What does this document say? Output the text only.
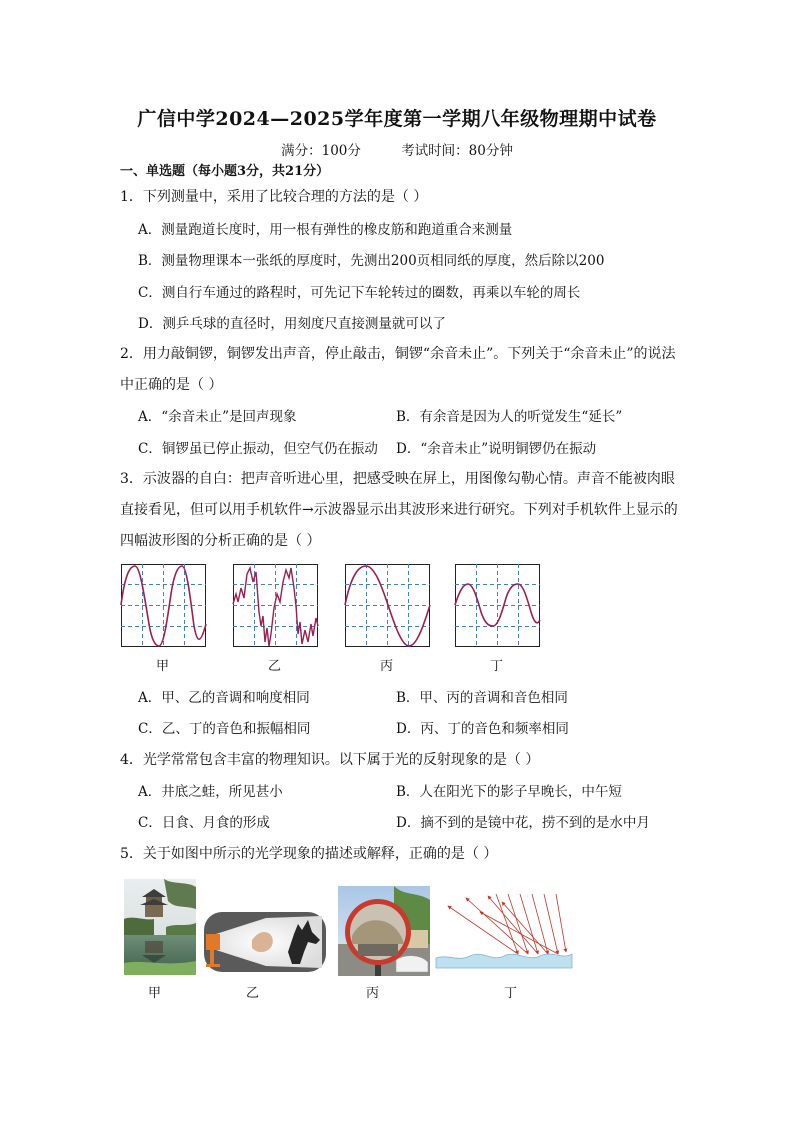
广信中学2024—2025学年度第一学期八年级物理期中试卷
满分：100分	考试时间：80分钟
一、单选题（每小题3分，共21分）
1．下列测量中，采用了比较合理的方法的是（ ）
A．测量跑道长度时，用一根有弹性的橡皮筋和跑道重合来测量
B．测量物理课本一张纸的厚度时，先测出200页相同纸的厚度，然后除以200
C．测自行车通过的路程时，可先记下车轮转过的圈数，再乘以车轮的周长
D．测乒乓球的直径时，用刻度尺直接测量就可以了
2．用力敲铜锣，铜锣发出声音，停止敲击，铜锣“余音未止”。下列关于“余音未止”的说法
中正确的是（ ）
A．“余音未止”是回声现象	B．有余音是因为人的听觉发生“延长”
C．铜锣虽已停止振动，但空气仍在振动 D．“余音未止”说明铜锣仍在振动
3．示波器的自白：把声音听进心里，把感受映在屏上，用图像勾勒心情。声音不能被肉眼
直接看见，但可以用手机软件→示波器显示出其波形来进行研究。下列对手机软件上显示的
四幅波形图的分析正确的是（ ）
甲	乙	丙	丁
A．甲、乙的音调和响度相同	B．甲、丙的音调和音色相同
C．乙、丁的音色和振幅相同	D．丙、丁的音色和频率相同
4．光学常常包含丰富的物理知识。以下属于光的反射现象的是（ ）
A．井底之蛙，所见甚小	B．人在阳光下的影子早晚长，中午短
C．日食、月食的形成	D．摘不到的是镜中花，捞不到的是水中月
5．关于如图中所示的光学现象的描述或解释，正确的是（ ）
甲	乙	丙	丁
